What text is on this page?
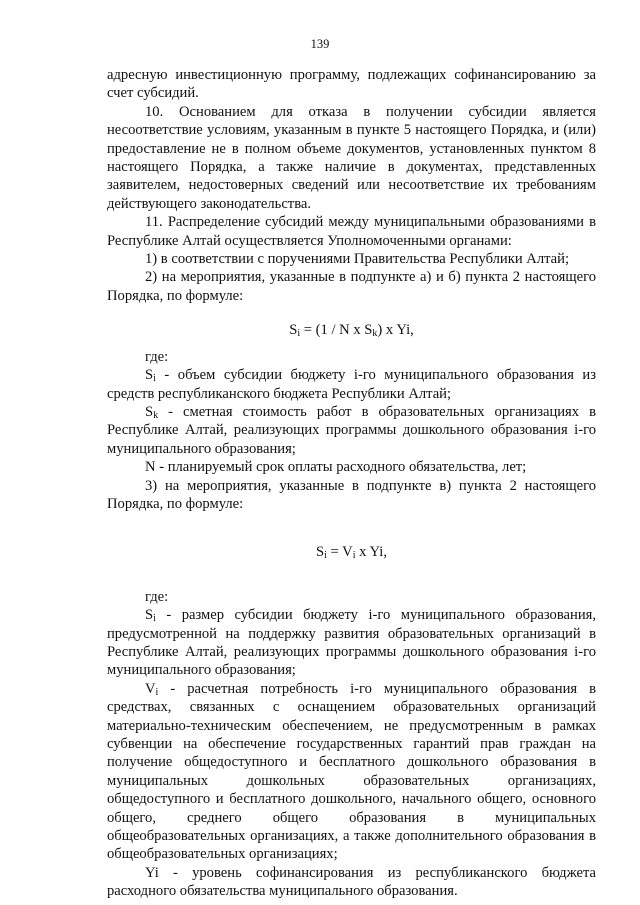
139

адресную инвестиционную программу, подлежащих софинансированию за счет субсидий.

10. Основанием для отказа в получении субсидии является несоответствие условиям, указанным в пункте 5 настоящего Порядка, и (или) предоставление не в полном объеме документов, установленных пунктом 8 настоящего Порядка, а также наличие в документах, представленных заявителем, недостоверных сведений или несоответствие их требованиям действующего законодательства.

11. Распределение субсидий между муниципальными образованиями в Республике Алтай осуществляется Уполномоченными органами:

1) в соответствии с поручениями Правительства Республики Алтай;

2) на мероприятия, указанные в подпункте а) и б) пункта 2 настоящего Порядка, по формуле:

$S_i = (1 / N$ x $S_k$) x Yi,

где:

$S_i$ - объем субсидии бюджету i-го муниципального образования из средств республиканского бюджета Республики Алтай;

$S_k$ - сметная стоимость работ в образовательных организациях в Республике Алтай, реализующих программы дошкольного образования i-го муниципального образования;

N - планируемый срок оплаты расходного обязательства, лет;

3) на мероприятия, указанные в подпункте в) пункта 2 настоящего Порядка, по формуле:

$S_i = V_i$ x Yi,

где:

$S_i$ - размер субсидии бюджету i-го муниципального образования, предусмотренной на поддержку развития образовательных организаций в Республике Алтай, реализующих программы дошкольного образования i-го муниципального образования;

$V_i$ - расчетная потребность i-го муниципального образования в средствах, связанных с оснащением образовательных организаций материально-техническим обеспечением, не предусмотренным в рамках субвенции на обеспечение государственных гарантий прав граждан на получение общедоступного и бесплатного дошкольного образования в муниципальных дошкольных образовательных организациях, общедоступного и бесплатного дошкольного, начального общего, основного общего, среднего общего образования в муниципальных общеобразовательных организациях, а также дополнительного образования в общеобразовательных организациях;

Yi - уровень софинансирования из республиканского бюджета расходного обязательства муниципального образования.
